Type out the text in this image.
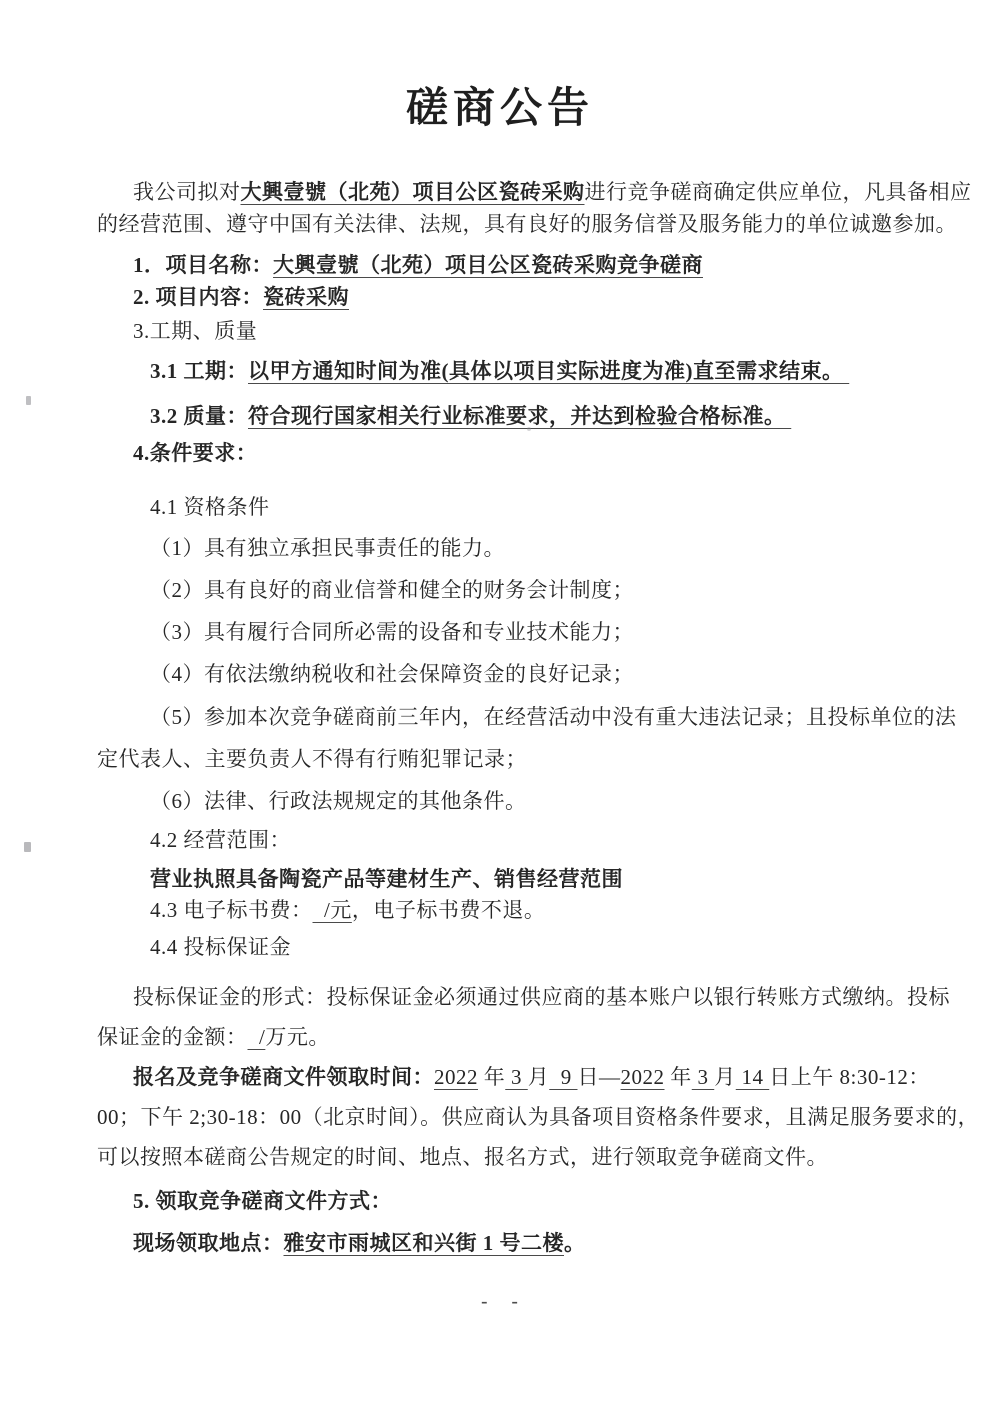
磋商公告
我公司拟对大興壹號（北苑）项目公区瓷砖采购进行竞争磋商确定供应单位，凡具备相应
的经营范围、遵守中国有关法律、法规，具有良好的服务信誉及服务能力的单位诚邀参加。
1．项目名称：大興壹號（北苑）项目公区瓷砖采购竞争磋商
2. 项目内容：瓷砖采购
3.工期、质量
3.1 工期：以甲方通知时间为准(具体以项目实际进度为准)直至需求结束。
3.2 质量：符合现行国家相关行业标准要求，并达到检验合格标准。
4.条件要求：
4.1 资格条件
（1）具有独立承担民事责任的能力。
（2）具有良好的商业信誉和健全的财务会计制度；
（3）具有履行合同所必需的设备和专业技术能力；
（4）有依法缴纳税收和社会保障资金的良好记录；
（5）参加本次竞争磋商前三年内，在经营活动中没有重大违法记录；且投标单位的法
定代表人、主要负责人不得有行贿犯罪记录；
（6）法律、行政法规规定的其他条件。
4.2 经营范围：
营业执照具备陶瓷产品等建材生产、销售经营范围
4.3 电子标书费：  /元，电子标书费不退。
4.4 投标保证金
投标保证金的形式：投标保证金必须通过供应商的基本账户以银行转账方式缴纳。投标
保证金的金额：  /万元。
报名及竞争磋商文件领取时间：2022 年 3 月  9 日—2022 年 3 月 14 日上午 8:30-12：
00；下午 2;30-18：00（北京时间）。供应商认为具备项目资格条件要求，且满足服务要求的，
可以按照本磋商公告规定的时间、地点、报名方式，进行领取竞争磋商文件。
5. 领取竞争磋商文件方式：
现场领取地点：雅安市雨城区和兴街 1 号二楼。
-    -
